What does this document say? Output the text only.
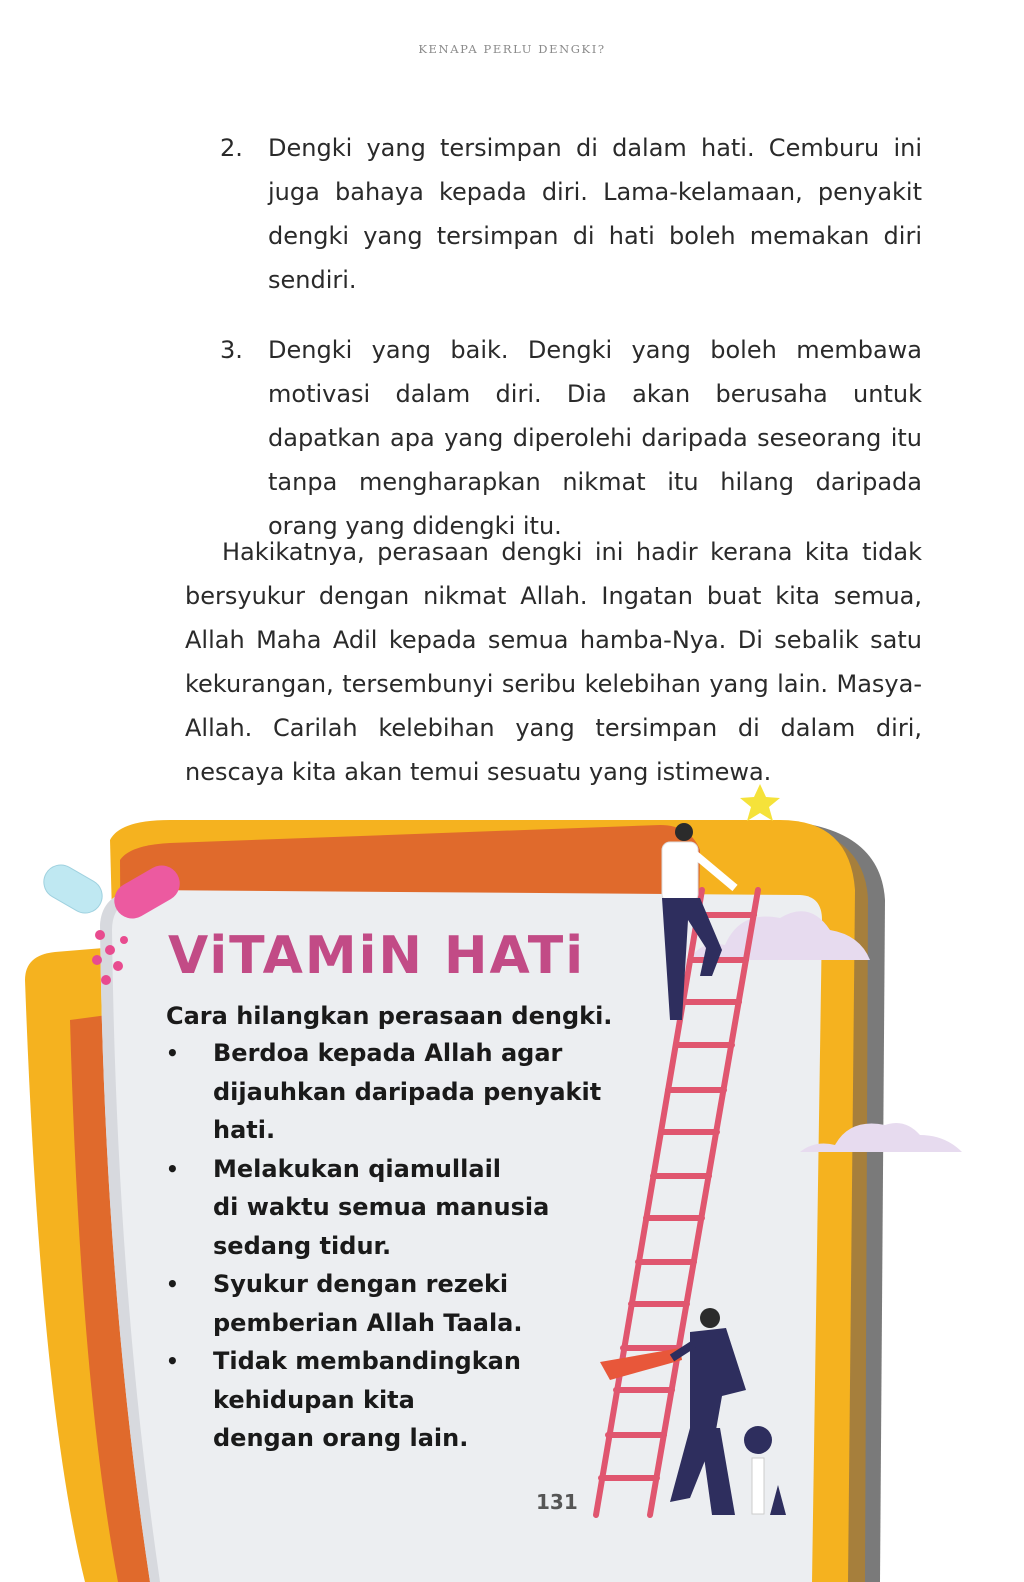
KENAPA PERLU DENGKI?
2. Dengki yang tersimpan di dalam hati. Cemburu ini juga bahaya kepada diri. Lama-kelamaan, penyakit dengki yang tersimpan di hati boleh memakan diri sendiri.
3. Dengki yang baik. Dengki yang boleh membawa motivasi dalam diri. Dia akan berusaha untuk dapatkan apa yang diperolehi daripada seseorang itu tanpa mengharapkan nikmat itu hilang daripada orang yang didengki itu.

Hakikatnya, perasaan dengki ini hadir kerana kita tidak bersyukur dengan nikmat Allah. Ingatan buat kita semua, Allah Maha Adil kepada semua hamba-Nya. Di sebalik satu kekurangan, tersembunyi seribu kelebihan yang lain. Masya-Allah. Carilah kelebihan yang tersimpan di dalam diri, nescaya kita akan temui sesuatu yang istimewa.

ViTAMiN HATi
Cara hilangkan perasaan dengki.
• Berdoa kepada Allah agar
dijauhkan daripada penyakit hati.
• Melakukan qiamullail
di waktu semua manusia
sedang tidur.
• Syukur dengan rezeki
pemberian Allah Taala.
• Tidak membandingkan
kehidupan kita
dengan orang lain.
131
